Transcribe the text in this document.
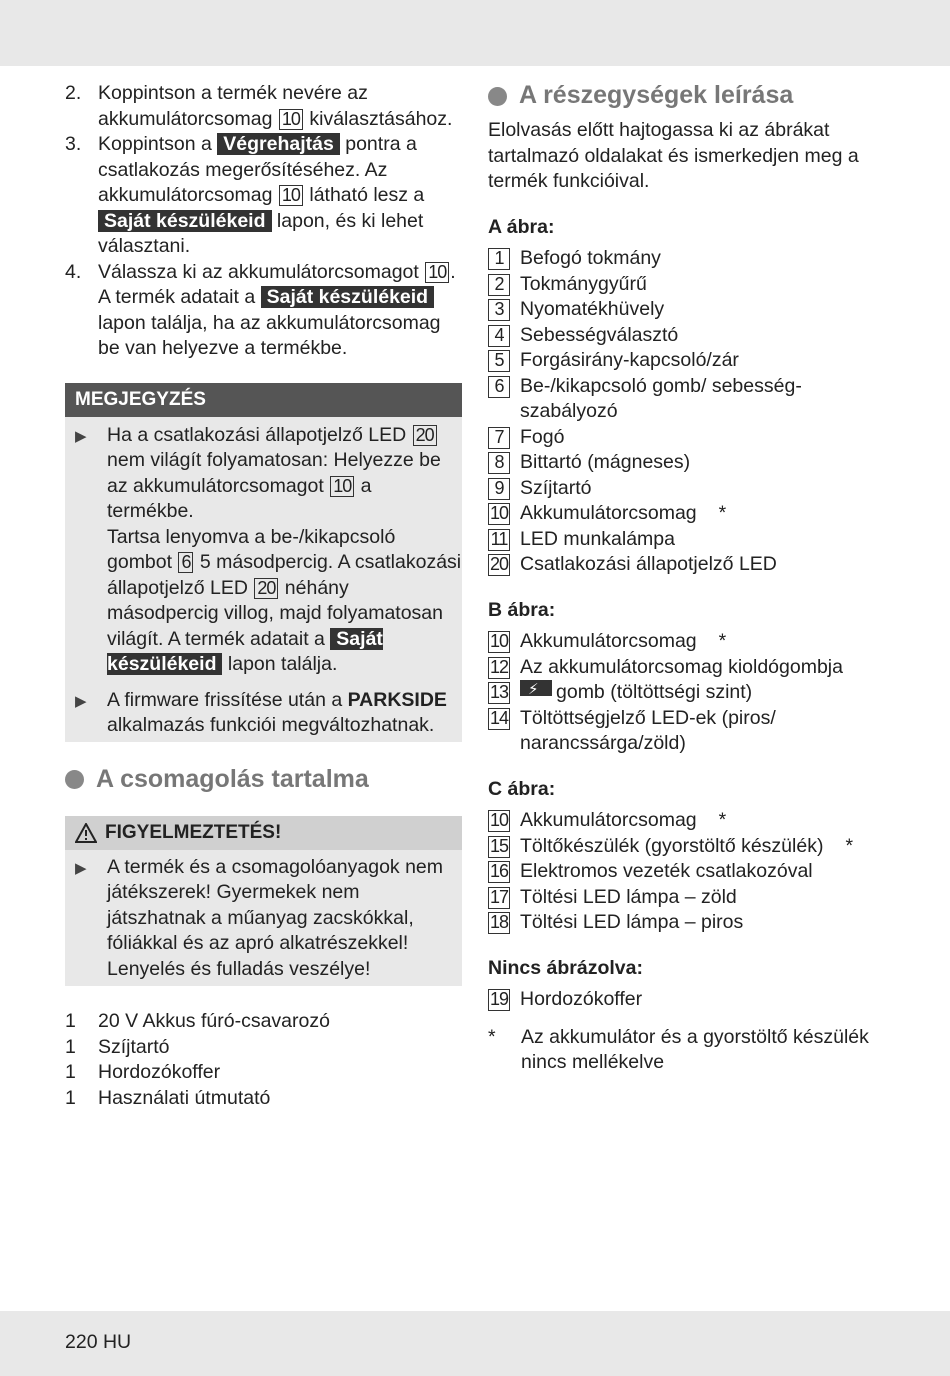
2. Koppintson a termék nevére az akkumulátorcsomag 10 kiválasztásához.
3. Koppintson a Végrehajtás pontra a csatlakozás megerősítéséhez. Az akkumulátorcsomag 10 látható lesz a Saját készülékeid lapon, és ki lehet választani.
4. Válassza ki az akkumulátorcsomagot 10 . A termék adatait a Saját készülékeid lapon találja, ha az akkumulátorcsomag be van helyezve a termékbe.
MEGJEGYZÉS
▶	Ha a csatlakozási állapotjelző LED 20 nem világít folyamatosan: Helyezze be az akkumulátorcsomagot 10 a termékbe.
Tartsa lenyomva a be-/kikapcsoló gombot 6 5 másodpercig. A csatlakozási állapotjelző LED 20 néhány másodpercig villog, majd folyamatosan világít. A termék adatait a Saját készülékeid lapon találja.
▶	A firmware frissítése után a PARKSIDE alkalmazás funkciói megváltozhatnak.
A csomagolás tartalma
FIGYELMEZTETÉS!
▶	A termék és a csomagolóanyagok nem játékszerek! Gyermekek nem játszhatnak a műanyag zacskókkal, fóliákkal és az apró alkatrészekkel! Lenyelés és fulladás veszélye!
1	20 V Akkus fúró-csavarozó
1	Szíjtartó
1	Hordozókoffer
1	Használati útmutató
A részegységek leírása
Elolvasás előtt hajtogassa ki az ábrákat tartalmazó oldalakat és ismerkedjen meg a termék funkcióival.
A ábra:
1 Befogó tokmány
2 Tokmánygyűrű
3 Nyomatékhüvely
4 Sebességválasztó
5 Forgásirány-kapcsoló/zár
6 Be-/kikapcsoló gomb/ sebesség-szabályozó
7 Fogó
8 Bittartó (mágneses)
9 Szíjtartó
10 Akkumulátorcsomag *
11 LED munkalámpa
20 Csatlakozási állapotjelző LED
B ábra:
10 Akkumulátorcsomag *
12 Az akkumulátorcsomag kioldógombja
13
⚡ gomb (töltöttségi szint)
14 Töltöttségjelző LED-ek (piros/ narancssárga/zöld)
C ábra:
10 Akkumulátorcsomag *
15 Töltőkészülék (gyorstöltő készülék) *
16 Elektromos vezeték csatlakozóval
17 Töltési LED lámpa – zöld
18 Töltési LED lámpa – piros
Nincs ábrázolva:
19 Hordozókoffer
*	Az akkumulátor és a gyorstöltő készülék nincs mellékelve
220 HU
